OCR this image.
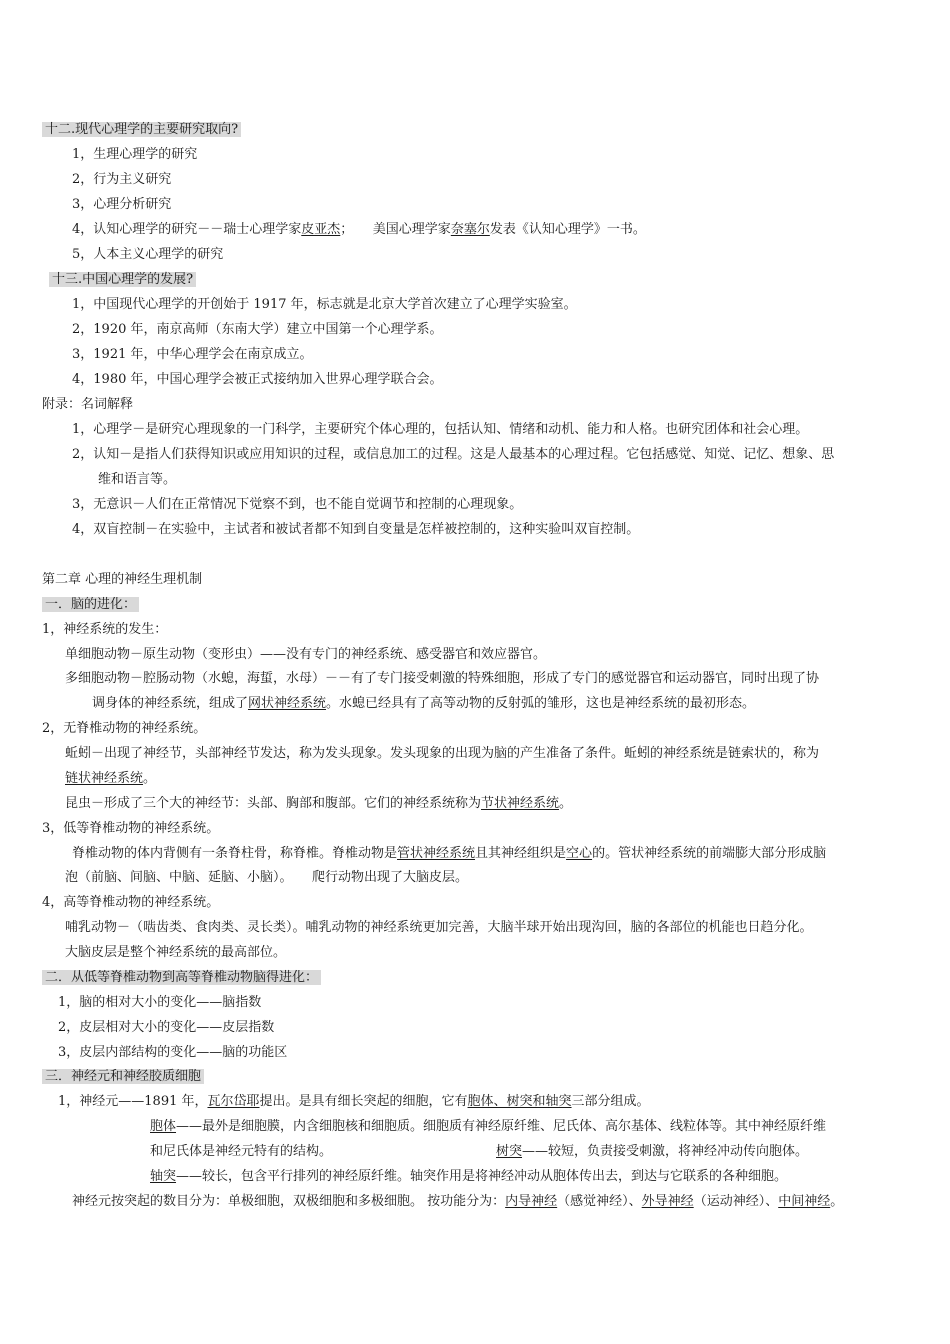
十二.现代心理学的主要研究取向?
1，生理心理学的研究
2，行为主义研究
3，心理分析研究
4，认知心理学的研究－－瑞士心理学家皮亚杰；　　美国心理学家奈塞尔发表《认知心理学》一书。
5，人本主义心理学的研究
十三.中国心理学的发展?
1，中国现代心理学的开创始于 1917 年，标志就是北京大学首次建立了心理学实验室。
2，1920 年，南京高师（东南大学）建立中国第一个心理学系。
3，1921 年，中华心理学会在南京成立。
4，1980 年，中国心理学会被正式接纳加入世界心理学联合会。
附录：名词解释
1，心理学－是研究心理现象的一门科学，主要研究个体心理的，包括认知、情绪和动机、能力和人格。也研究团体和社会心理。
2，认知－是指人们获得知识或应用知识的过程，或信息加工的过程。这是人最基本的心理过程。它包括感觉、知觉、记忆、想象、思
维和语言等。
3，无意识－人们在正常情况下觉察不到，也不能自觉调节和控制的心理现象。
4，双盲控制－在实验中，主试者和被试者都不知到自变量是怎样被控制的，这种实验叫双盲控制。
第二章 心理的神经生理机制
一．脑的进化：
1，神经系统的发生：
单细胞动物－原生动物（变形虫）——没有专门的神经系统、感受器官和效应器官。
多细胞动物－腔肠动物（水螅，海蜇，水母）－－有了专门接受刺激的特殊细胞，形成了专门的感觉器官和运动器官，同时出现了协
调身体的神经系统，组成了网状神经系统。水螅已经具有了高等动物的反射弧的雏形，这也是神经系统的最初形态。
2，无脊椎动物的神经系统。
蚯蚓－出现了神经节，头部神经节发达，称为发头现象。发头现象的出现为脑的产生准备了条件。蚯蚓的神经系统是链索状的，称为
链状神经系统。
昆虫－形成了三个大的神经节：头部、胸部和腹部。它们的神经系统称为节状神经系统。
3，低等脊椎动物的神经系统。
脊椎动物的体内背侧有一条脊柱骨，称脊椎。脊椎动物是管状神经系统且其神经组织是空心的。管状神经系统的前端膨大部分形成脑
泡（前脑、间脑、中脑、延脑、小脑）。　　爬行动物出现了大脑皮层。
4，高等脊椎动物的神经系统。
哺乳动物－（啮齿类、食肉类、灵长类）。哺乳动物的神经系统更加完善，大脑半球开始出现沟回，脑的各部位的机能也日趋分化。
大脑皮层是整个神经系统的最高部位。
二．从低等脊椎动物到高等脊椎动物脑得进化：
1，脑的相对大小的变化——脑指数
2，皮层相对大小的变化——皮层指数
3，皮层内部结构的变化——脑的功能区
三．神经元和神经胶质细胞
1，神经元——1891 年，瓦尔岱耶提出。是具有细长突起的细胞，它有胞体、树突和轴突三部分组成。
胞体——最外是细胞膜，内含细胞核和细胞质。细胞质有神经原纤维、尼氏体、高尔基体、线粒体等。其中神经原纤维
和尼氏体是神经元特有的结构。	树突——较短，负责接受刺激，将神经冲动传向胞体。
轴突——较长，包含平行排列的神经原纤维。轴突作用是将神经冲动从胞体传出去，到达与它联系的各种细胞。
神经元按突起的数目分为：单极细胞，双极细胞和多极细胞。 按功能分为：内导神经（感觉神经）、外导神经（运动神经）、中间神经。
